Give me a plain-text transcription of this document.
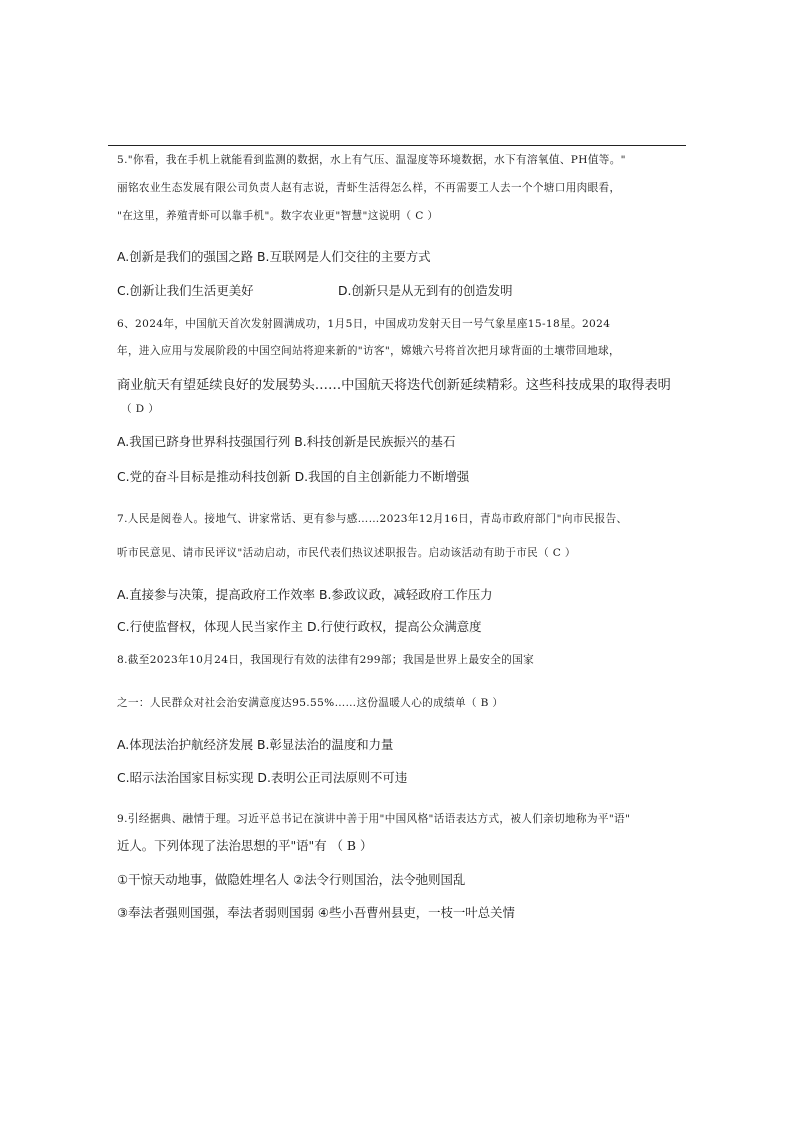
5."你看，我在手机上就能看到监测的数据，水上有气压、温湿度等环境数据，水下有溶氧值、PH值等。"
丽铭农业生态发展有限公司负责人赵有志说，青虾生活得怎么样，不再需要工人去一个个塘口用肉眼看，
"在这里，养殖青虾可以靠手机"。数字农业更"智慧"这说明（ C ）
A.创新是我们的强国之路 B.互联网是人们交往的主要方式
C.创新让我们生活更美好	D.创新只是从无到有的创造发明
6、2024年，中国航天首次发射圆满成功，1月5日，中国成功发射天目一号气象星座15-18星。2024
年，进入应用与发展阶段的中国空间站将迎来新的"访客"，嫦娥六号将首次把月球背面的土壤带回地球，
商业航天有望延续良好的发展势头……中国航天将迭代创新延续精彩。这些科技成果的取得表明
（ D ）
A.我国已跻身世界科技强国行列 B.科技创新是民族振兴的基石
C.党的奋斗目标是推动科技创新 D.我国的自主创新能力不断增强
7.人民是阅卷人。接地气、讲家常话、更有参与感……2023年12月16日，青岛市政府部门"向市民报告、
听市民意见、请市民评议"活动启动，市民代表们热议述职报告。启动该活动有助于市民（ C ）
A.直接参与决策，提高政府工作效率 B.参政议政，减轻政府工作压力
C.行使监督权，体现人民当家作主 D.行使行政权，提高公众满意度
8.截至2023年10月24日，我国现行有效的法律有299部；我国是世界上最安全的国家
之一：人民群众对社会治安满意度达95.55%……这份温暖人心的成绩单（ B ）
A.体现法治护航经济发展 B.彰显法治的温度和力量
C.昭示法治国家目标实现 D.表明公正司法原则不可违
9.引经据典、融情于理。习近平总书记在演讲中善于用"中国风格"话语表达方式，被人们亲切地称为平"语"
近人。下列体现了法治思想的平"语"有 （ B ）
①干惊天动地事，做隐姓埋名人 ②法令行则国治，法令弛则国乱
③奉法者强则国强，奉法者弱则国弱 ④些小吾曹州县吏，一枝一叶总关情
